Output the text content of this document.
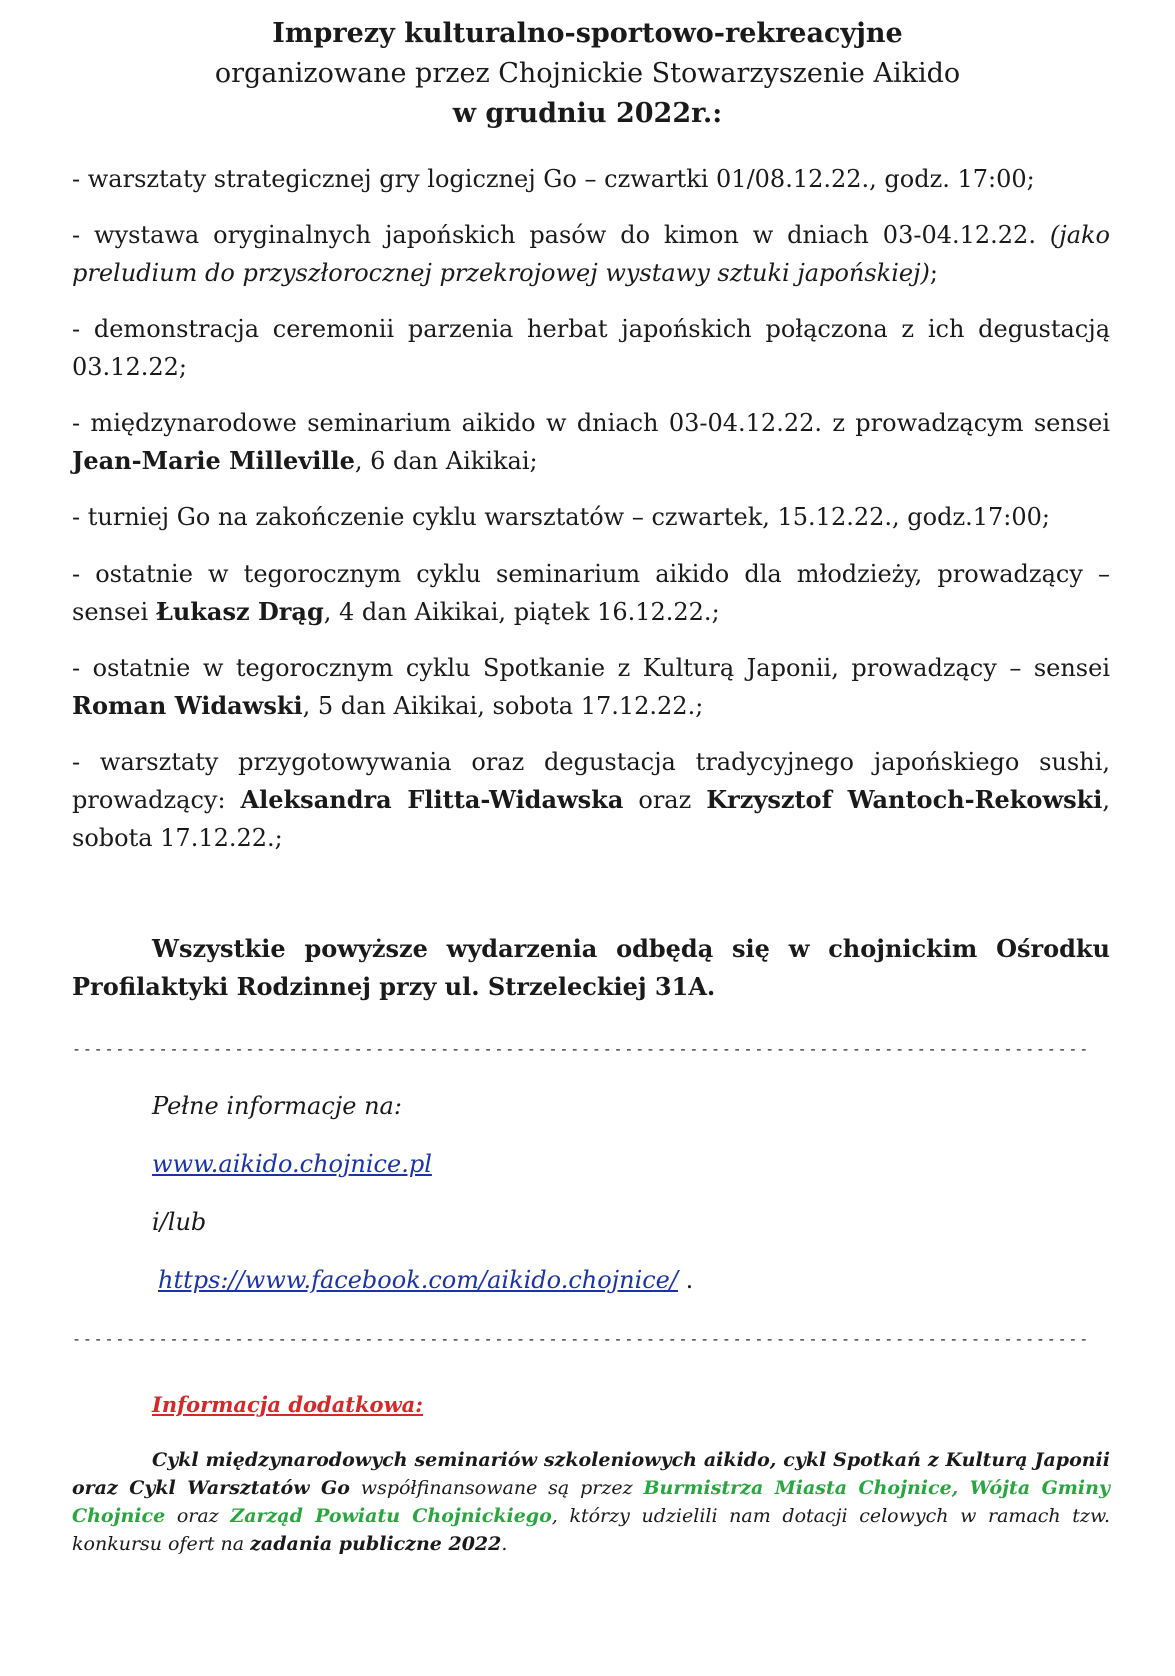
Imprezy kulturalno-sportowo-rekreacyjne
organizowane przez Chojnickie Stowarzyszenie Aikido
w grudniu 2022r.:
- warsztaty strategicznej gry logicznej Go – czwartki 01/08.12.22., godz. 17:00;
- wystawa oryginalnych japońskich pasów do kimon w dniach 03-04.12.22. (jako preludium do przyszłorocznej przekrojowej wystawy sztuki japońskiej);
- demonstracja ceremonii parzenia herbat japońskich połączona z ich degustacją 03.12.22;
- międzynarodowe seminarium aikido w dniach 03-04.12.22. z prowadzącym sensei Jean-Marie Milleville, 6 dan Aikikai;
- turniej Go na zakończenie cyklu warsztatów – czwartek, 15.12.22., godz.17:00;
- ostatnie w tegorocznym cyklu seminarium aikido dla młodzieży, prowadzący – sensei Łukasz Drąg, 4 dan Aikikai, piątek 16.12.22.;
- ostatnie w tegorocznym cyklu Spotkanie z Kulturą Japonii, prowadzący – sensei Roman Widawski, 5 dan Aikikai, sobota 17.12.22.;
- warsztaty przygotowywania oraz degustacja tradycyjnego japońskiego sushi, prowadzący: Aleksandra Flitta-Widawska oraz Krzysztof Wantoch-Rekowski, sobota 17.12.22.;
Wszystkie powyższe wydarzenia odbędą się w chojnickim Ośrodku Profilaktyki Rodzinnej przy ul. Strzeleckiej 31A.
----------------------------------------------------------------------------------------------
Pełne informacje na:
www.aikido.chojnice.pl
i/lub
https://www.facebook.com/aikido.chojnice/ .
----------------------------------------------------------------------------------------------
Informacja dodatkowa:
Cykl międzynarodowych seminariów szkoleniowych aikido, cykl Spotkań z Kulturą Japonii oraz Cykl Warsztatów Go współfinansowane są przez Burmistrza Miasta Chojnice, Wójta Gminy Chojnice oraz Zarząd Powiatu Chojnickiego, którzy udzielili nam dotacji celowych w ramach tzw. konkursu ofert na zadania publiczne 2022.
